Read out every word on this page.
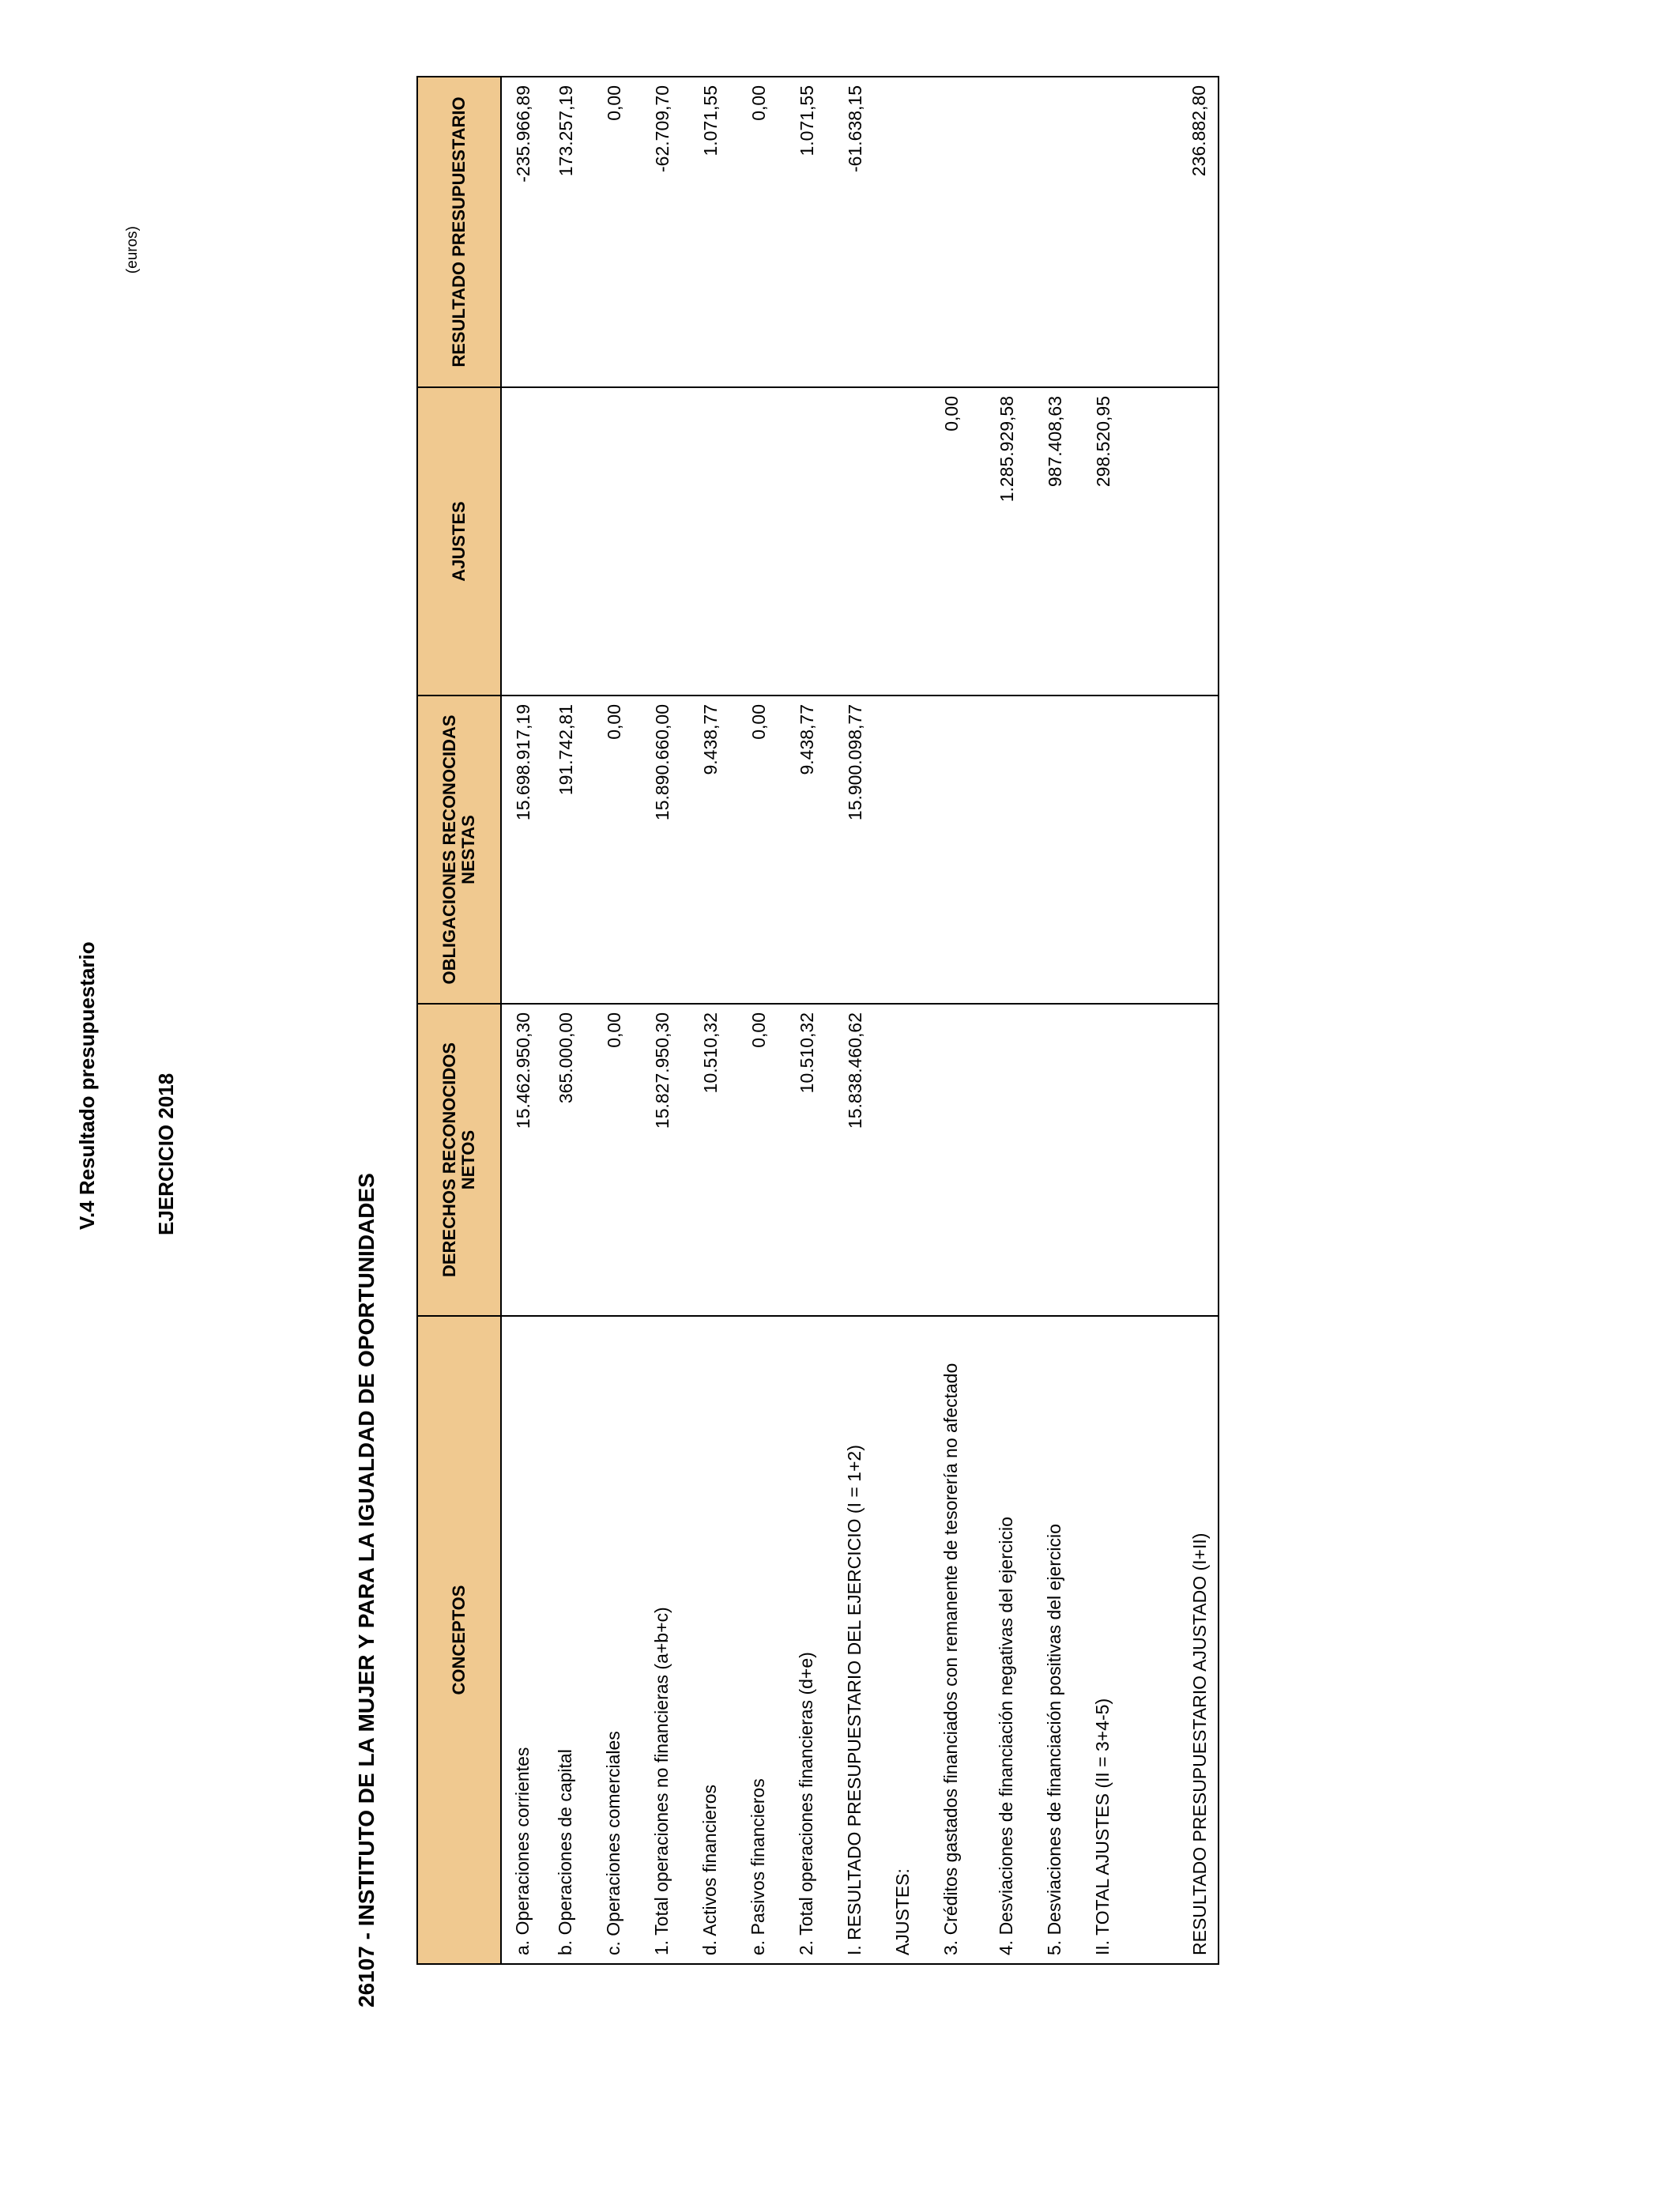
V.4 Resultado presupuestario	EJERCICIO 2018
(euros)
26107 - INSTITUTO DE LA MUJER Y PARA LA IGUALDAD DE OPORTUNIDADES	CONCEPTOS	DERECHOS RECONOCIDOS NETOS	OBLIGACIONES RECONOCIDAS NESTAS	AJUSTES	RESULTADO PRESUPUESTARIO
a. Operaciones corrientes	15.462.950,30	15.698.917,19		-235.966,89
b. Operaciones de capital	365.000,00	191.742,81		173.257,19
c. Operaciones comerciales	0,00	0,00		0,00
1. Total operaciones no financieras (a+b+c)	15.827.950,30	15.890.660,00		-62.709,70
d. Activos financieros	10.510,32	9.438,77		1.071,55
e. Pasivos financieros	0,00	0,00		0,00
2. Total operaciones financieras (d+e)	10.510,32	9.438,77		1.071,55
I. RESULTADO PRESUPUESTARIO DEL EJERCICIO (I = 1+2)	15.838.460,62	15.900.098,77		-61.638,15
AJUSTES:				
3. Créditos gastados financiados con remanente de tesorería no afectado			0,00	
4. Desviaciones de financiación negativas del ejercicio			1.285.929,58	
5. Desviaciones de financiación positivas del ejercicio			987.408,63	
II. TOTAL AJUSTES (II = 3+4-5)			298.520,95	
RESULTADO PRESUPUESTARIO AJUSTADO (I+II)				236.882,80
